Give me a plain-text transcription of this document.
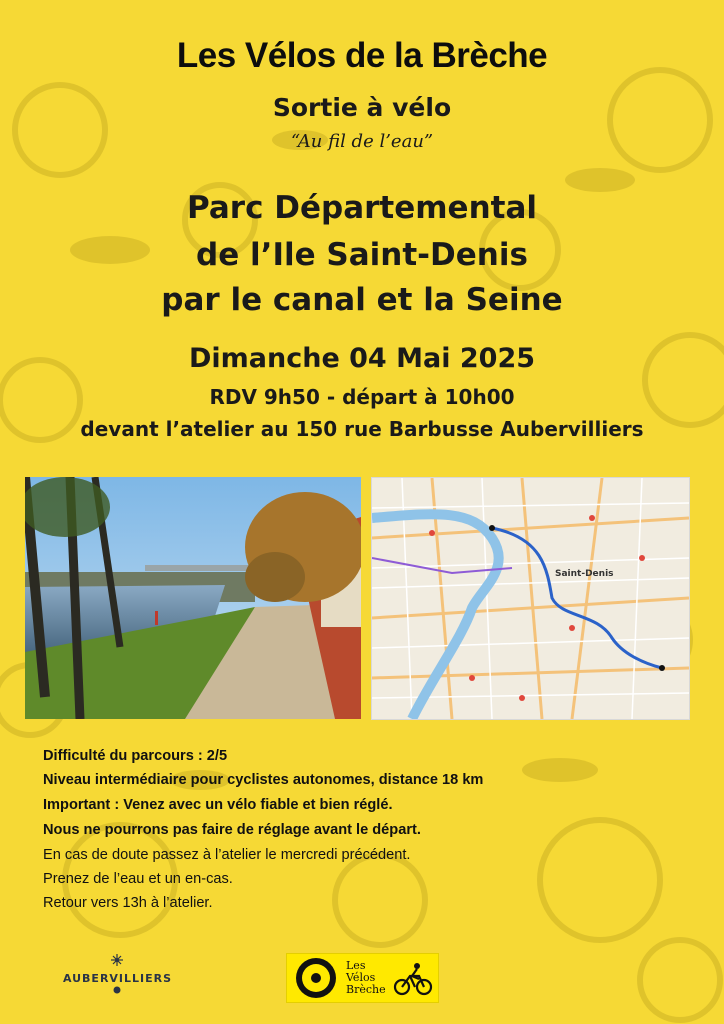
Les Vélos de la Brèche
Sortie à vélo
“Au fil de l’eau”
Parc Départemental
de l’Ile Saint-Denis
par le canal et la Seine
Dimanche 04 Mai 2025
RDV 9h50 - départ à 10h00
devant l’atelier au 150 rue Barbusse Aubervilliers
Saint-Denis
Difficulté du parcours : 2/5
Niveau intermédiaire pour cyclistes autonomes, distance 18 km
Important : Venez avec un vélo fiable et bien réglé.
Nous ne pourrons pas faire de réglage avant le départ.
En cas de doute passez à l’atelier le mercredi précédent.
Prenez de l’eau et un en-cas.
Retour vers 13h à l’atelier.
AUBERVILLIERS
Les
Vélos
Brèche
